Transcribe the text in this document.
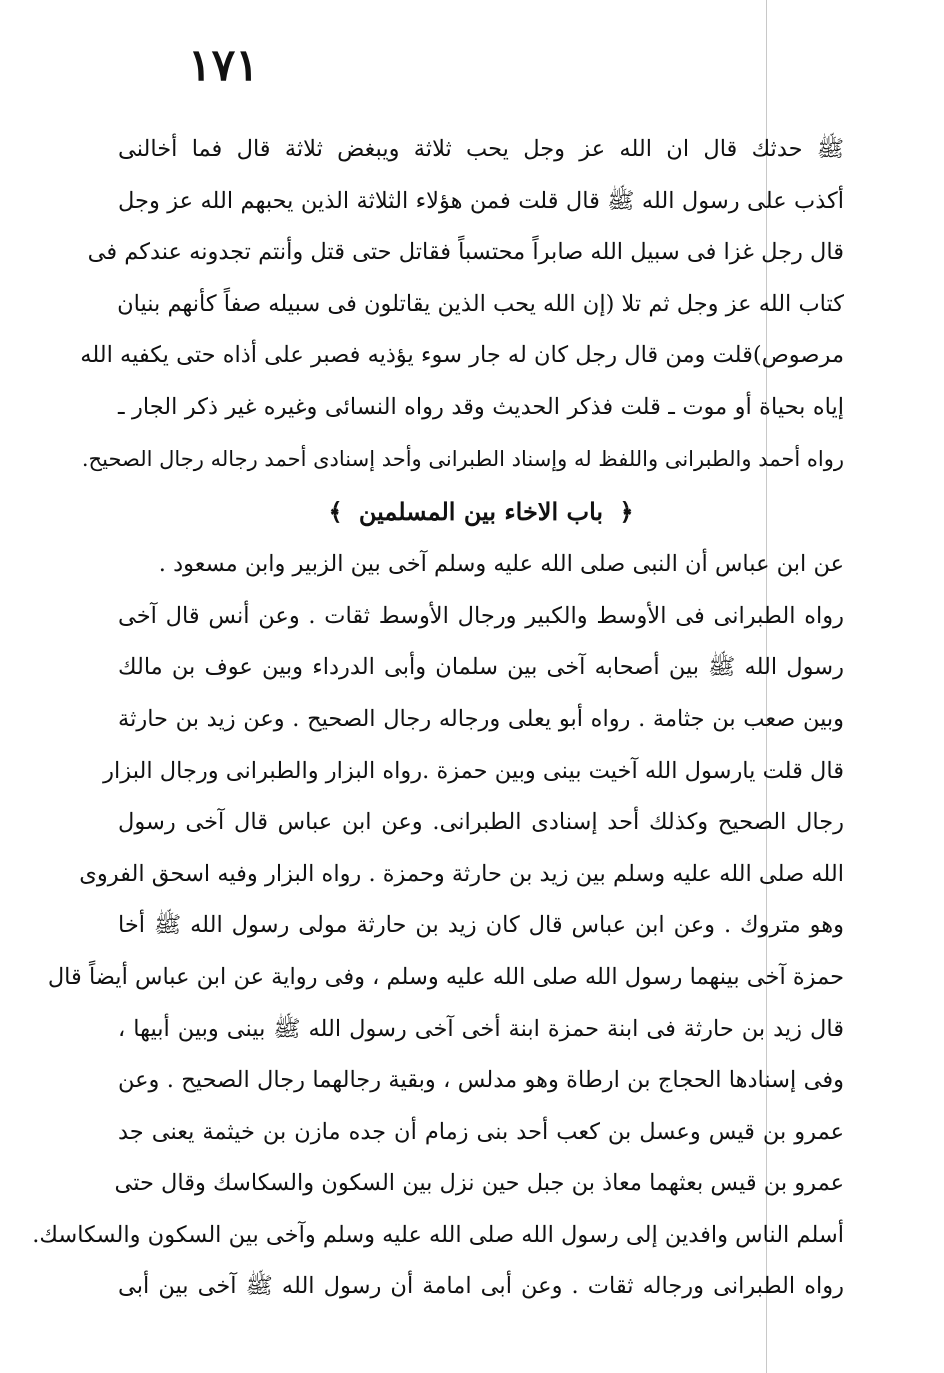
١٧١
ﷺ حدثك قال ان الله عز وجل يحب ثلاثة ويبغض ثلاثة قال فما أخالنى
أكذب على رسول الله ﷺ قال قلت فمن هؤلاء الثلاثة الذين يحبهم الله عز وجل
قال رجل غزا فى سبيل الله صابراً محتسباً فقاتل حتى قتل وأنتم تجدونه عندكم فى
كتاب الله عز وجل ثم تلا (إن الله يحب الذين يقاتلون فى سبيله صفاً كأنهم بنيان
مرصوص)قلت ومن قال رجل كان له جار سوء يؤذيه فصبر على أذاه حتى يكفيه الله
إياه بحياة أو موت ـ قلت فذكر الحديث وقد رواه النسائى وغيره غير ذكر الجار ـ
رواه أحمد والطبرانى واللفظ له وإسناد الطبرانى وأحد إسنادى أحمد رجاله رجال الصحيح.
﴿ باب الاخاء بين المسلمين ﴾
عن ابن عباس أن النبى صلى الله عليه وسلم آخى بين الزبير وابن مسعود .
رواه الطبرانى فى الأوسط والكبير ورجال الأوسط ثقات . وعن أنس قال آخى
رسول الله ﷺ بين أصحابه آخى بين سلمان وأبى الدرداء وبين عوف بن مالك
وبين صعب بن جثامة . رواه أبو يعلى ورجاله رجال الصحيح . وعن زيد بن حارثة
قال قلت يارسول الله آخيت بينى وبين حمزة .رواه البزار والطبرانى ورجال البزار
رجال الصحيح وكذلك أحد إسنادى الطبرانى. وعن ابن عباس قال آخى رسول
الله صلى الله عليه وسلم بين زيد بن حارثة وحمزة . رواه البزار وفيه اسحق الفروى
وهو متروك . وعن ابن عباس قال كان زيد بن حارثة مولى رسول الله ﷺ أخا
حمزة آخى بينهما رسول الله صلى الله عليه وسلم ، وفى رواية عن ابن عباس أيضاً قال
قال زيد بن حارثة فى ابنة حمزة ابنة أخى آخى رسول الله ﷺ بينى وبين أبيها ،
وفى إسنادها الحجاج بن ارطاة وهو مدلس ، وبقية رجالهما رجال الصحيح . وعن
عمرو بن قيس وعسل بن كعب أحد بنى زمام أن جده مازن بن خيثمة يعنى جد
عمرو بن قيس بعثهما معاذ بن جبل حين نزل بين السكون والسكاسك وقال حتى
أسلم الناس وافدين إلى رسول الله صلى الله عليه وسلم وآخى بين السكون والسكاسك.
رواه الطبرانى ورجاله ثقات . وعن أبى امامة أن رسول الله ﷺ آخى بين أبى
